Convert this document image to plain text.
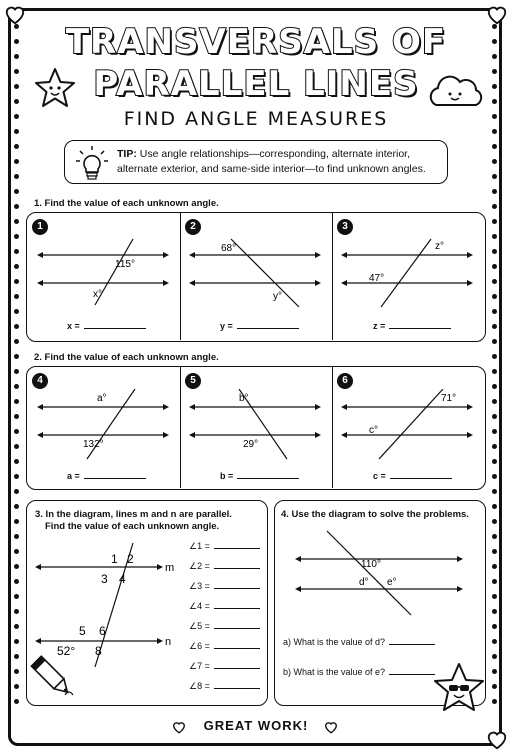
TRANSVERSALS OF
PARALLEL LINES
FIND ANGLE MEASURES
TIP: Use angle relationships—corresponding, alternate interior, alternate exterior, and same-side interior—to find unknown angles.
1. Find the value of each unknown angle.
1
115°
x°
x =
2
68°
y°
y =
3
z°
47°
z =
2. Find the value of each unknown angle.
4
a°
132°
a =
5
b°
29°
b =
6
71°
c°
c =
3. In the diagram, lines m and n are parallel.
Find the value of each unknown angle.
m
n
1 2
3 4
5 6
52° 8
∠1 =
∠2 =
∠3 =
∠4 =
∠5 =
∠6 =
∠7 =
∠8 =
4. Use the diagram to solve the problems.
110°
d° e°
a) What is the value of d?
b) What is the value of e?
GREAT WORK!
